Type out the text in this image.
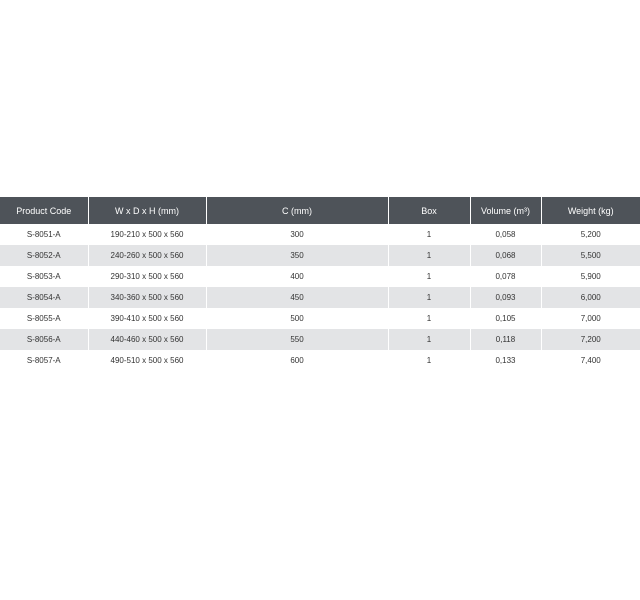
Product Code	W x D x H (mm)	C (mm)	Box	Volume (m³)	Weight (kg)
S-8051-A	190-210 x 500 x 560	300	1	0,058	5,200
S-8052-A	240-260 x 500 x 560	350	1	0,068	5,500
S-8053-A	290-310 x 500 x 560	400	1	0,078	5,900
S-8054-A	340-360 x 500 x 560	450	1	0,093	6,000
S-8055-A	390-410 x 500 x 560	500	1	0,105	7,000
S-8056-A	440-460 x 500 x 560	550	1	0,118	7,200
S-8057-A	490-510 x 500 x 560	600	1	0,133	7,400
